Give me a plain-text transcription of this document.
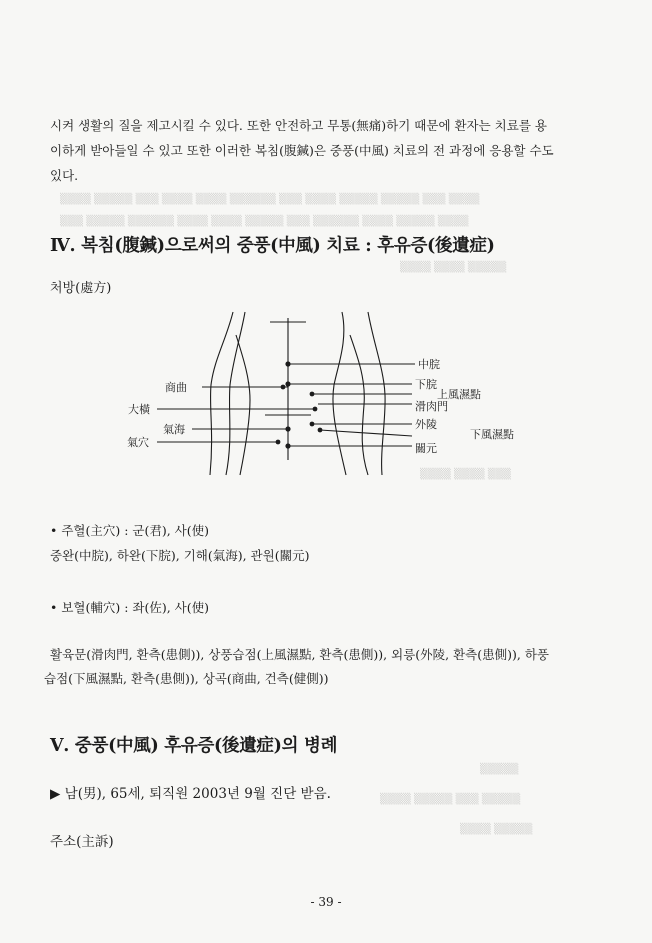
▒▒▒▒ ▒▒▒▒▒ ▒▒▒ ▒▒▒▒ ▒▒▒▒ ▒▒▒▒▒▒ ▒▒▒ ▒▒▒▒ ▒▒▒▒▒ ▒▒▒▒▒ ▒▒▒ ▒▒▒▒
▒▒▒ ▒▒▒▒▒ ▒▒▒▒▒▒ ▒▒▒▒ ▒▒▒▒ ▒▒▒▒▒ ▒▒▒ ▒▒▒▒▒▒ ▒▒▒▒ ▒▒▒▒▒ ▒▒▒▒
▒▒▒▒ ▒▒▒▒ ▒▒▒▒▒
▒▒▒▒ ▒▒▒▒ ▒▒▒
▒▒▒▒▒
▒▒▒▒ ▒▒▒▒▒ ▒▒▒ ▒▒▒▒▒
▒▒▒▒ ▒▒▒▒▒
시켜 생활의 질을 제고시킬 수 있다. 또한 안전하고 무통(無痛)하기 때문에 환자는 치료를 용
이하게 받아들일 수 있고 또한 이러한 복침(腹鍼)은 중풍(中風) 치료의 전 과정에 응용할 수도
있다.
Ⅳ. 복침(腹鍼)으로써의 중풍(中風) 치료 : 후유증(後遺症)
처방(處方)
商曲
大橫
氣海
氣穴
中脘
下脘
上風濕點
滑肉門
外陵
下風濕點
關元
• 주혈(主穴) : 군(君), 사(使)
중완(中脘), 하완(下脘), 기해(氣海), 관원(關元)
• 보혈(輔穴) : 좌(佐), 사(使)
활육문(滑肉門, 환측(患側)), 상풍습점(上風濕點, 환측(患側)), 외릉(外陵, 환측(患側)), 하풍
습점(下風濕點, 환측(患側)), 상곡(商曲, 건측(健側))
Ⅴ. 중풍(中風) 후유증(後遺症)의 병례
▶ 남(男), 65세, 퇴직원 2003년 9월 진단 받음.
주소(主訴)
- 39 -
